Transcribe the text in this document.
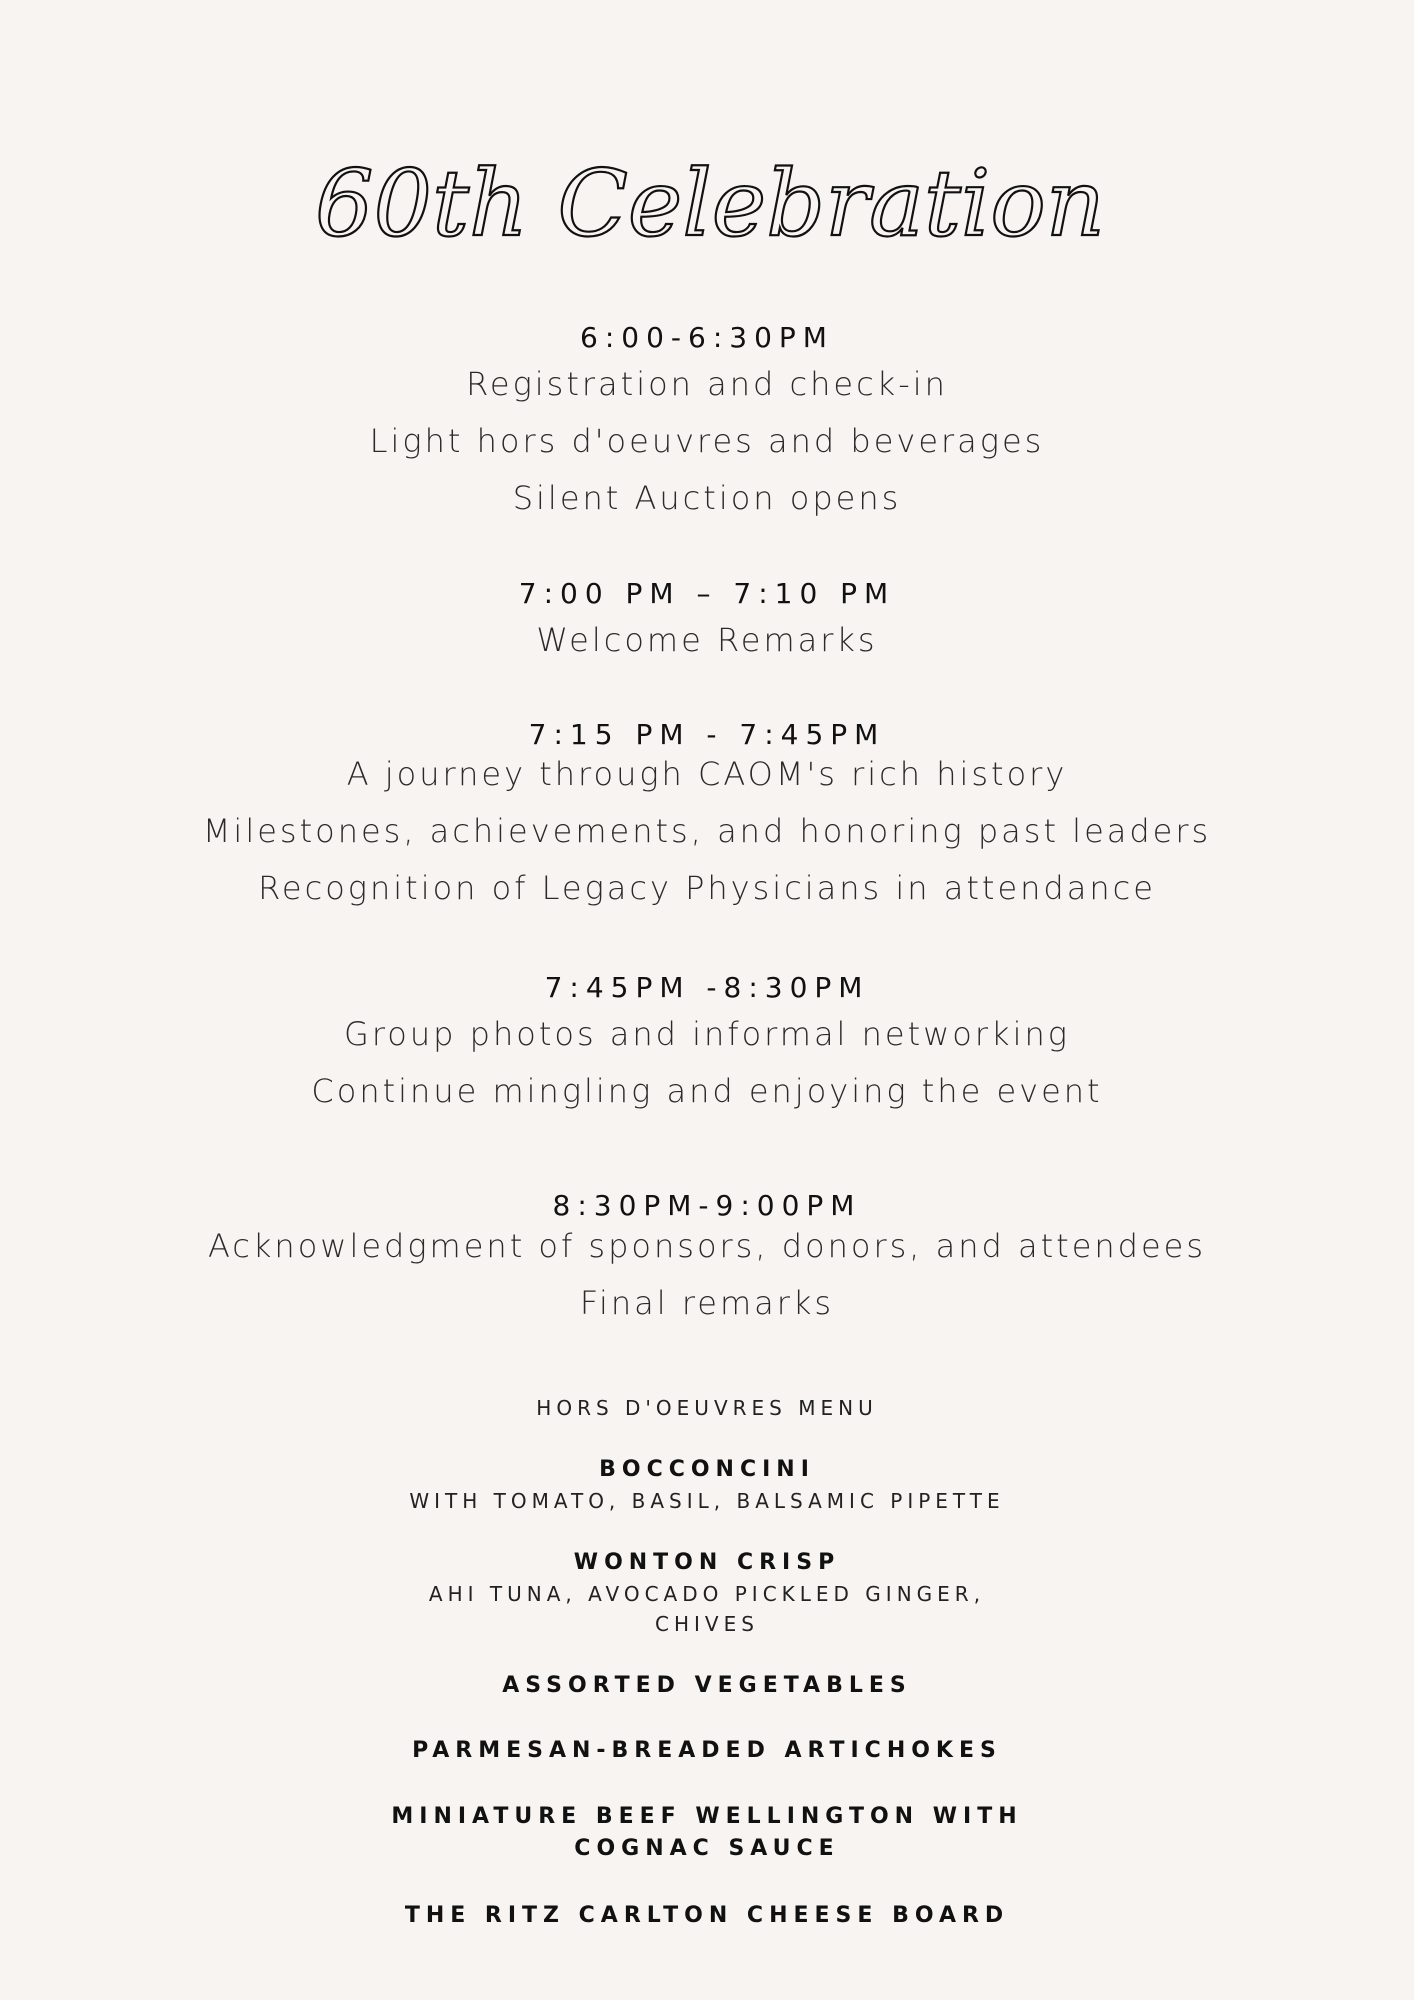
60th Celebration
6:00-6:30PM
Registration and check-in
Light hors d'oeuvres and beverages
Silent Auction opens
7:00 PM – 7:10 PM
Welcome Remarks
7:15 PM - 7:45PM
A journey through CAOM's rich history
Milestones, achievements, and honoring past leaders
Recognition of Legacy Physicians in attendance
7:45PM -8:30PM
Group photos and informal networking
Continue mingling and enjoying the event
8:30PM-9:00PM
Acknowledgment of sponsors, donors, and attendees
Final remarks
HORS D'OEUVRES MENU
BOCCONCINI
WITH TOMATO, BASIL, BALSAMIC PIPETTE
WONTON CRISP
AHI TUNA, AVOCADO PICKLED GINGER, CHIVES
ASSORTED VEGETABLES
PARMESAN-BREADED ARTICHOKES
MINIATURE BEEF WELLINGTON WITH COGNAC SAUCE
THE RITZ CARLTON CHEESE BOARD
